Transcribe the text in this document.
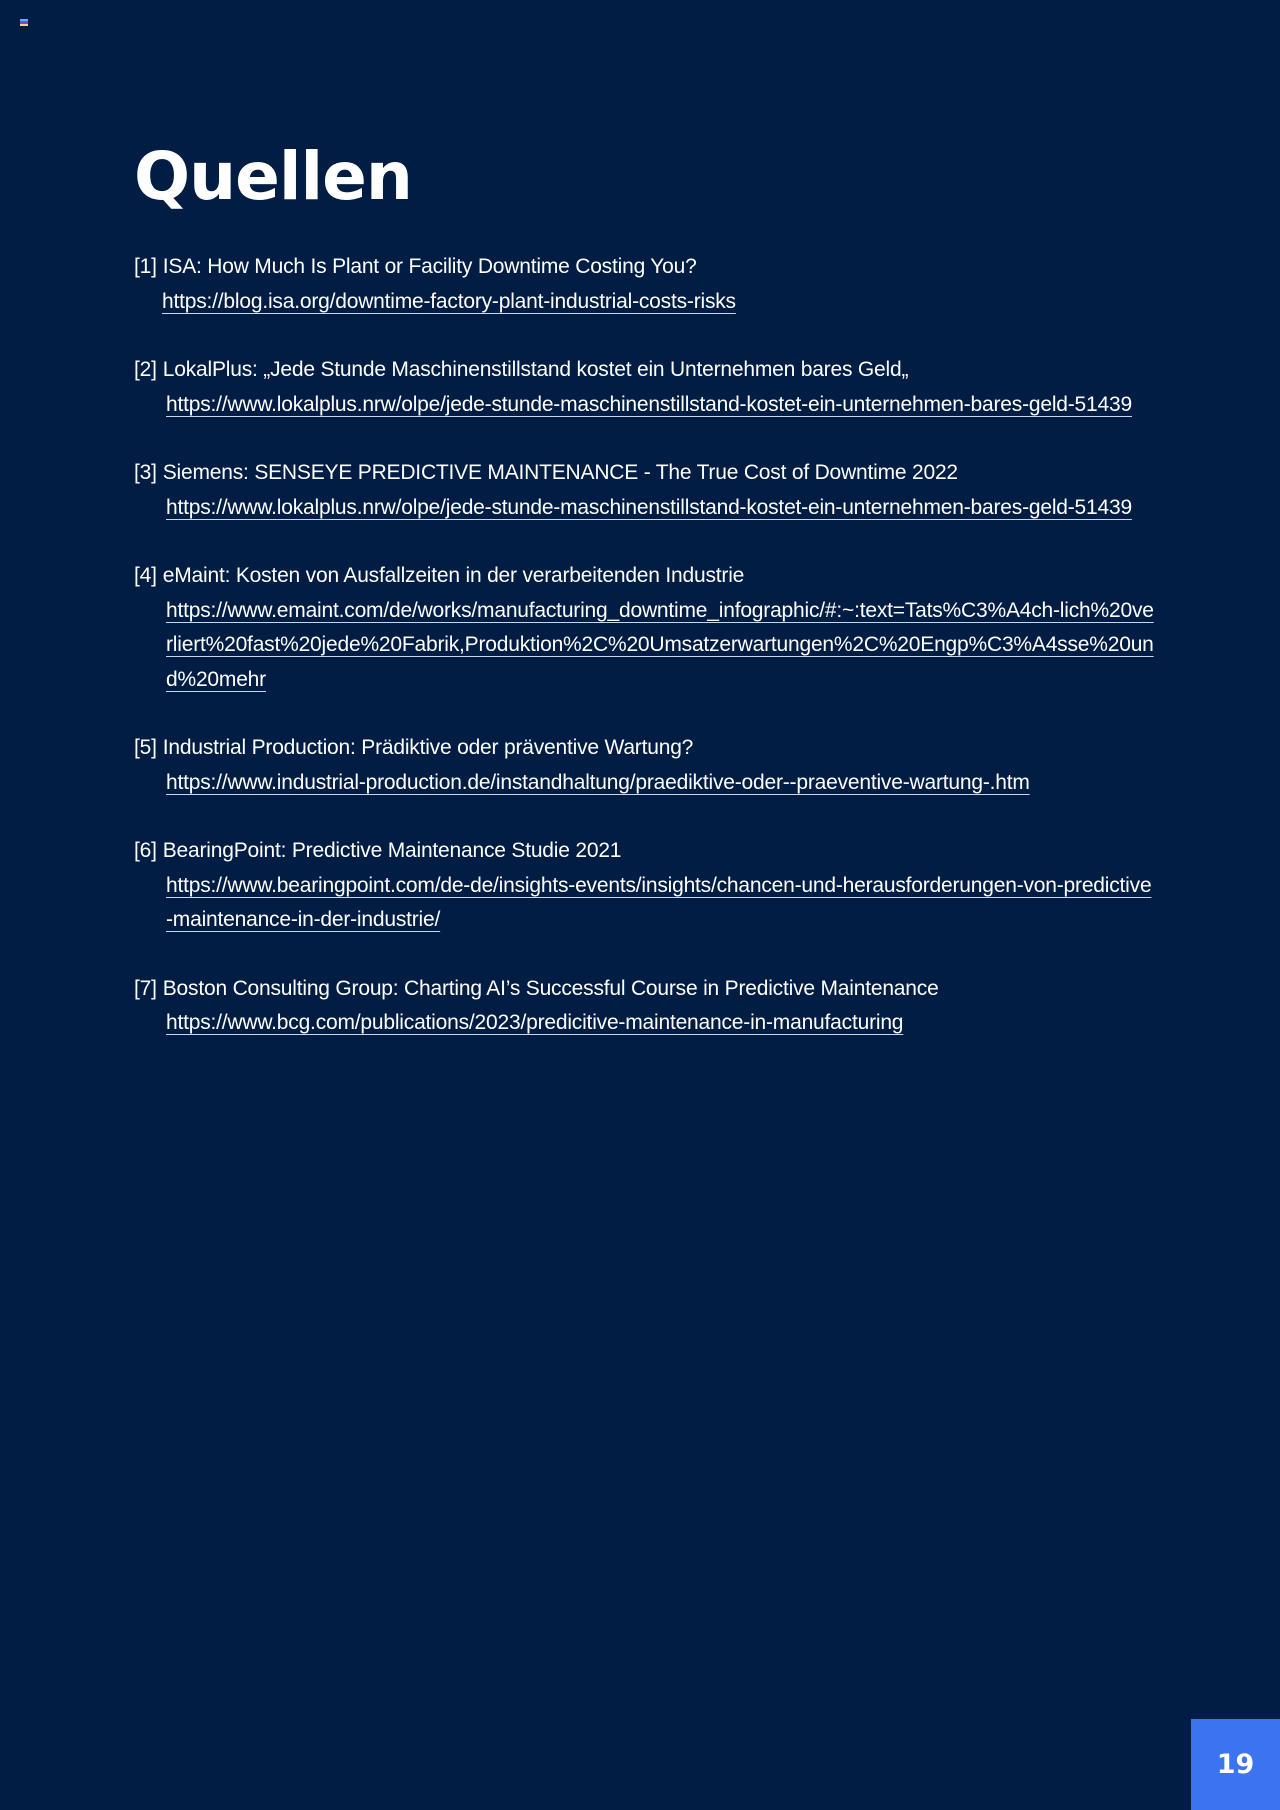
Quellen
[1] ISA: How Much Is Plant or Facility Downtime Costing You?
https://blog.isa.org/downtime-factory-plant-industrial-costs-risks
[2] LokalPlus: „Jede Stunde Maschinenstillstand kostet ein Unternehmen bares Geld„
https://www.lokalplus.nrw/olpe/jede-stunde-maschinenstillstand-kostet-ein-unternehmen-bares-geld-51439
[3] Siemens: SENSEYE PREDICTIVE MAINTENANCE - The True Cost of Downtime 2022
https://www.lokalplus.nrw/olpe/jede-stunde-maschinenstillstand-kostet-ein-unternehmen-bares-geld-51439
[4] eMaint: Kosten von Ausfallzeiten in der verarbeitenden Industrie
https://www.emaint.com/de/works/manufacturing_downtime_infographic/#:~:text=Tats%C3%A4ch-lich%20verliert%20fast%20jede%20Fabrik,Produktion%2C%20Umsatzerwartungen%2C%20Engp%C3%A4sse%20und%20mehr
[5] Industrial Production: Prädiktive oder präventive Wartung?
https://www.industrial-production.de/instandhaltung/praediktive-oder--praeventive-wartung-.htm
[6] BearingPoint: Predictive Maintenance Studie 2021
https://www.bearingpoint.com/de-de/insights-events/insights/chancen-und-herausforderungen-von-predictive-maintenance-in-der-industrie/
[7] Boston Consulting Group: Charting AI’s Successful Course in Predictive Maintenance
https://www.bcg.com/publications/2023/predicitive-maintenance-in-manufacturing
19
